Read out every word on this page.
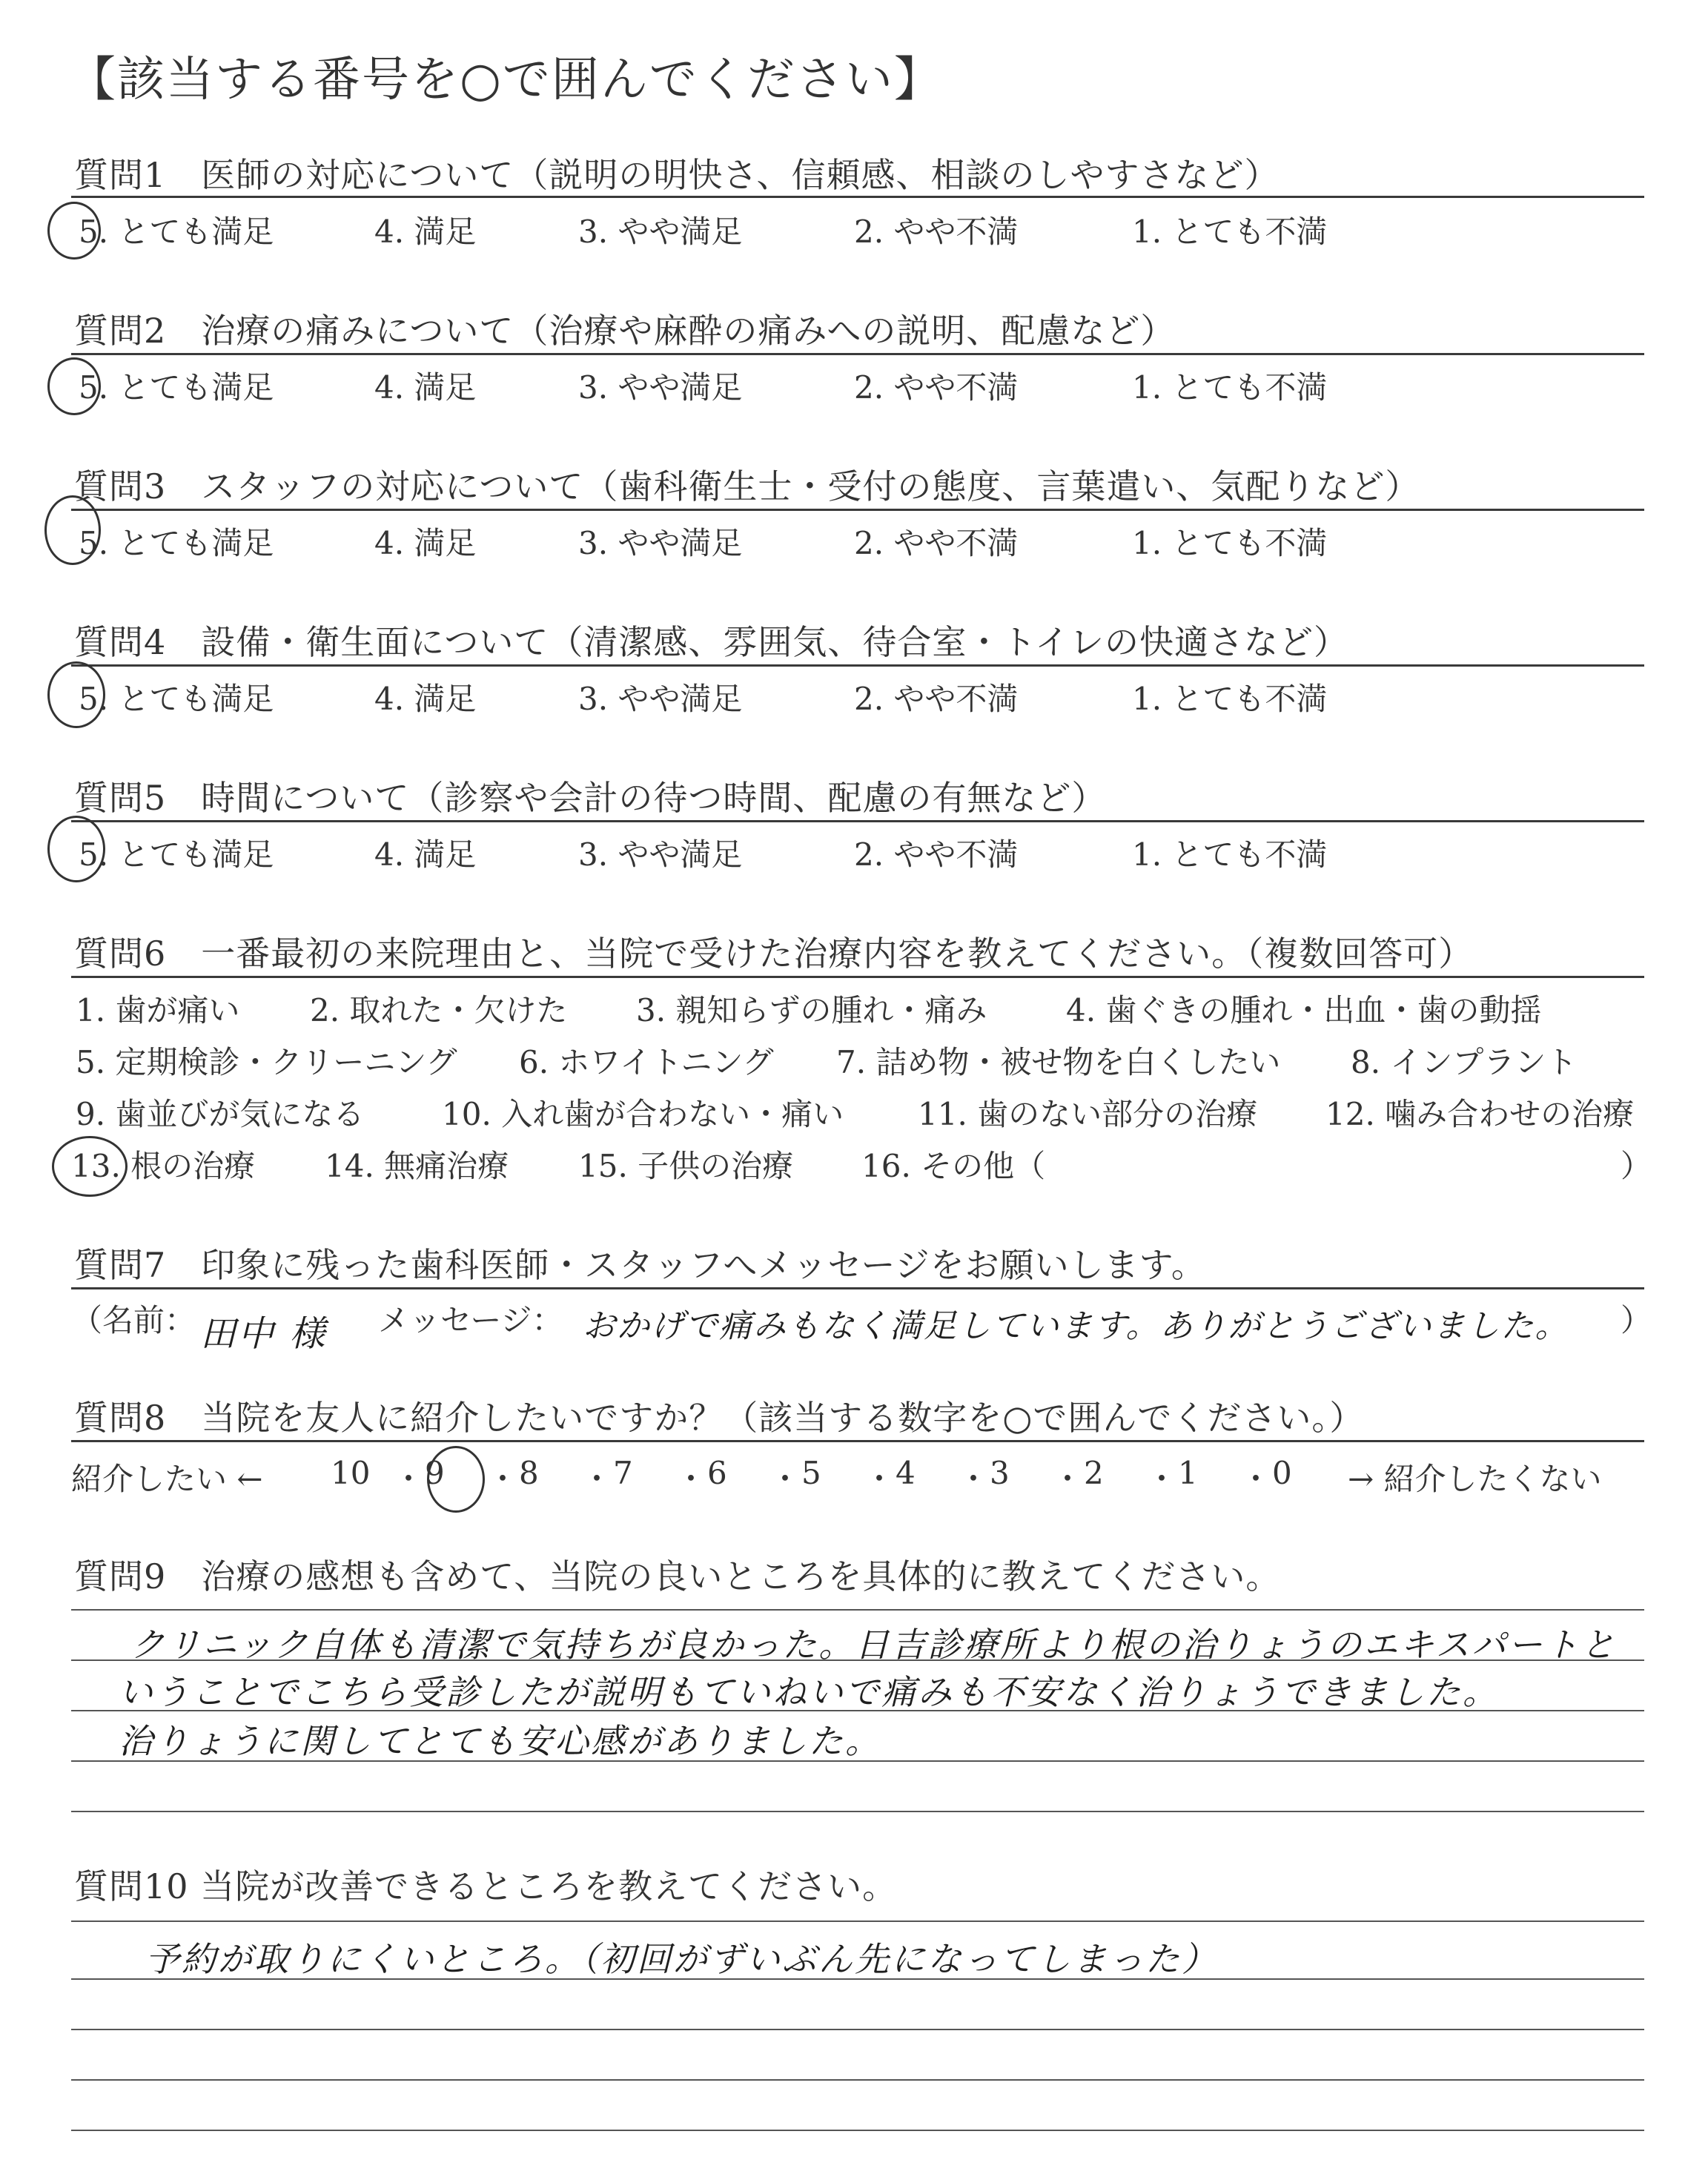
【該当する番号を○で囲んでください】
質問1　医師の対応について（説明の明快さ、信頼感、相談のしやすさなど）
5. とても満足	4. 満足	3. やや満足	2. やや不満	1. とても不満
質問2　治療の痛みについて（治療や麻酔の痛みへの説明、配慮など）
5. とても満足	4. 満足	3. やや満足	2. やや不満	1. とても不満
質問3　スタッフの対応について（歯科衛生士・受付の態度、言葉遣い、気配りなど）
5. とても満足	4. 満足	3. やや満足	2. やや不満	1. とても不満
質問4　設備・衛生面について（清潔感、雰囲気、待合室・トイレの快適さなど）
5. とても満足	4. 満足	3. やや満足	2. やや不満	1. とても不満
質問5　時間について（診察や会計の待つ時間、配慮の有無など）
5. とても満足	4. 満足	3. やや満足	2. やや不満	1. とても不満
質問6　一番最初の来院理由と、当院で受けた治療内容を教えてください。（複数回答可）
1. 歯が痛い 2. 取れた・欠けた 3. 親知らずの腫れ・痛み	4. 歯ぐきの腫れ・出血・歯の動揺
5. 定期検診・クリーニング 6. ホワイトニング 7. 詰め物・被せ物を白くしたい 8. インプラント
9. 歯並びが気になる 10. 入れ歯が合わない・痛い 11. 歯のない部分の治療 12. 噛み合わせの治療
13. 根の治療 14. 無痛治療 15. 子供の治療 16. その他（	）
質問7　印象に残った歯科医師・スタッフへメッセージをお願いします。
（名前： 田中 様 メッセージ： おかげで痛みもなく満足しています。ありがとうございました。 ）
質問8　当院を友人に紹介したいですか？（該当する数字を○で囲んでください。）
紹介したい ←	→ 紹介したくない
10 ・ 9 ・ 8 ・ 7 ・ 6 ・ 5 ・ 4 ・ 3 ・ 2 ・ 1 ・ 0
質問9　治療の感想も含めて、当院の良いところを具体的に教えてください。
クリニック自体も清潔で気持ちが良かった。日吉診療所より根の治りょうのエキスパートと
いうことでこちら受診したが説明もていねいで痛みも不安なく治りょうできました。
治りょうに関してとても安心感がありました。
質問10 当院が改善できるところを教えてください。
予約が取りにくいところ。（初回がずいぶん先になってしまった）
